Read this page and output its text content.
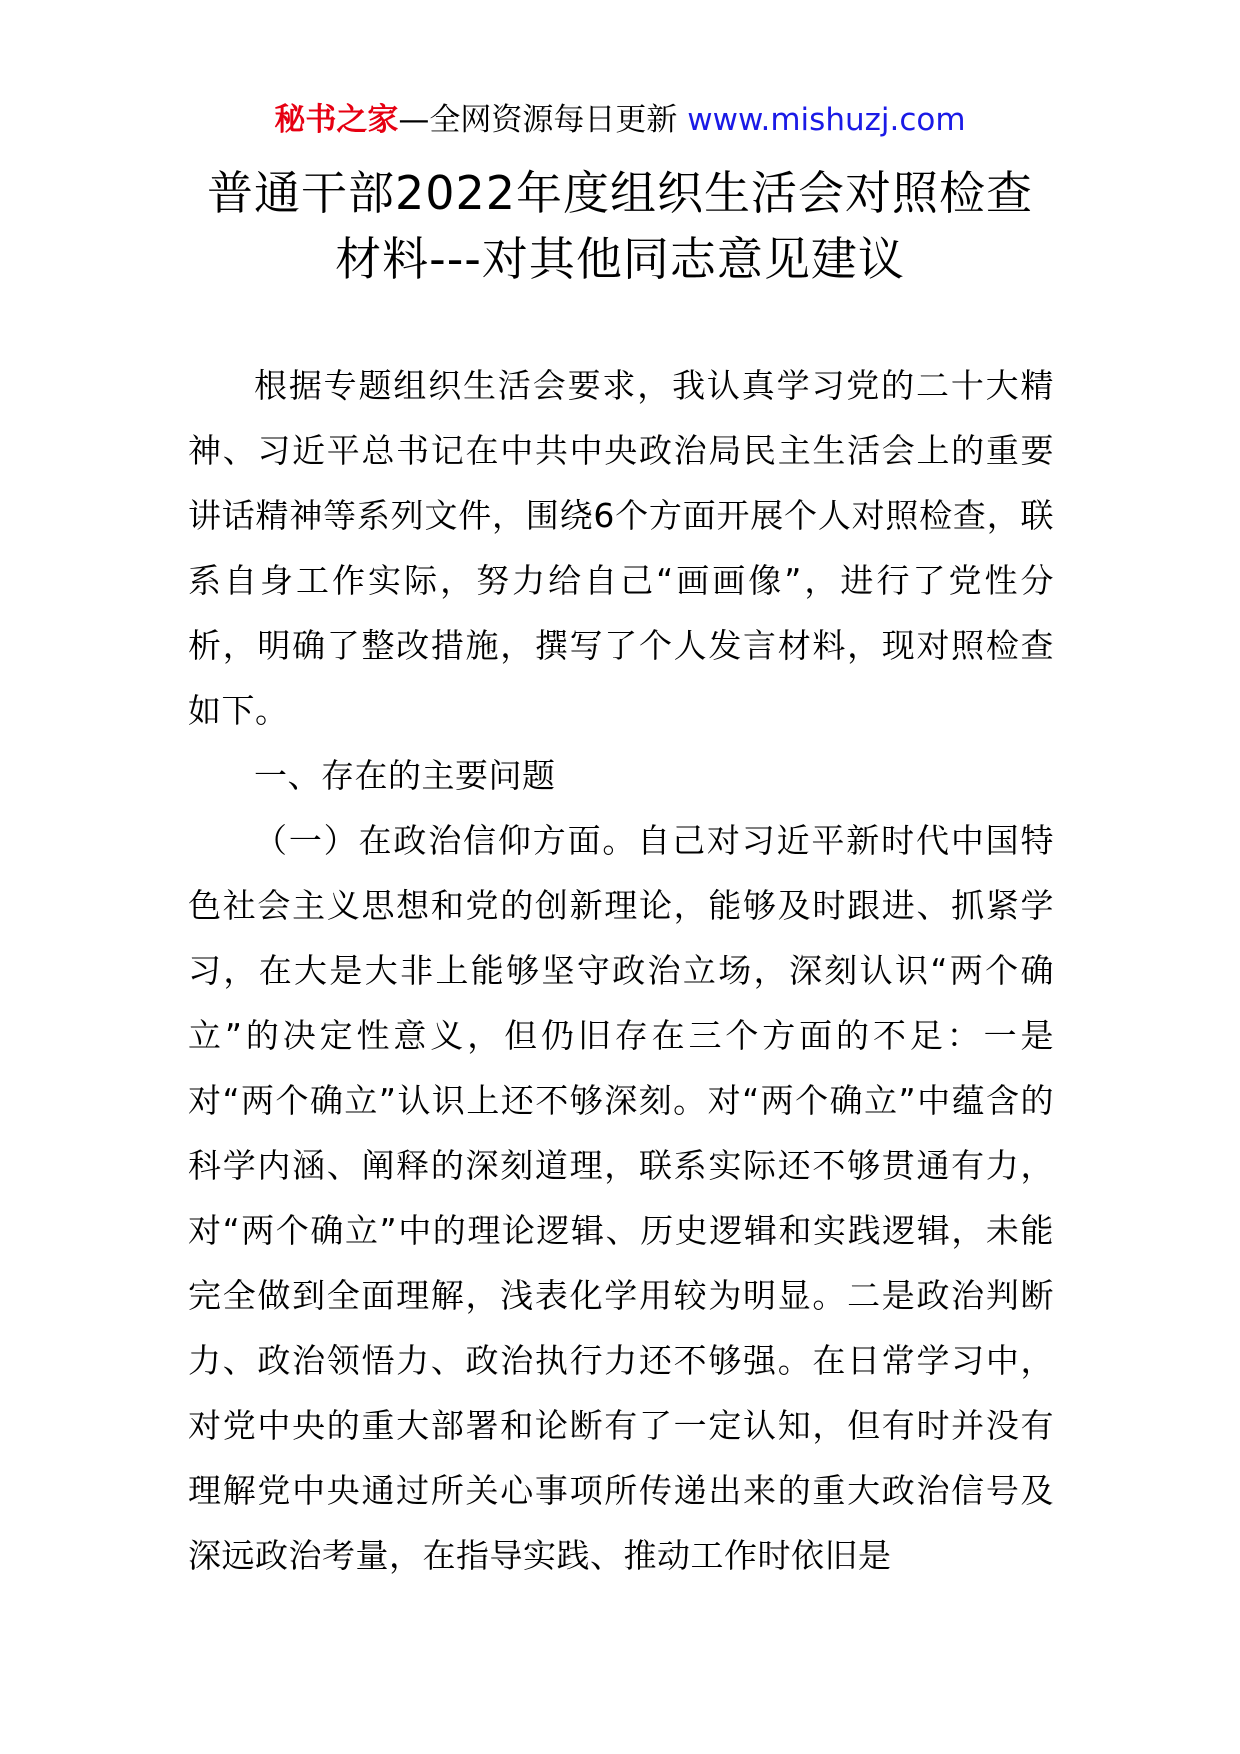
秘书之家—全网资源每日更新 www.mishuzj.com
普通干部2022年度组织生活会对照检查
材料---对其他同志意见建议

根据专题组织生活会要求，我认真学习党的二十大精神、习近平总书记在中共中央政治局民主生活会上的重要讲话精神等系列文件，围绕6个方面开展个人对照检查，联系自身工作实际，努力给自己“画画像”，进行了党性分析，明确了整改措施，撰写了个人发言材料，现对照检查如下。

一、存在的主要问题

（一）在政治信仰方面。自己对习近平新时代中国特色社会主义思想和党的创新理论，能够及时跟进、抓紧学习，在大是大非上能够坚守政治立场，深刻认识“两个确立”的决定性意义，但仍旧存在三个方面的不足：一是对“两个确立”认识上还不够深刻。对“两个确立”中蕴含的科学内涵、阐释的深刻道理，联系实际还不够贯通有力，对“两个确立”中的理论逻辑、历史逻辑和实践逻辑，未能完全做到全面理解，浅表化学用较为明显。二是政治判断力、政治领悟力、政治执行力还不够强。在日常学习中，对党中央的重大部署和论断有了一定认知，但有时并没有理解党中央通过所关心事项所传递出来的重大政治信号及深远政治考量，在指导实践、推动工作时依旧是
